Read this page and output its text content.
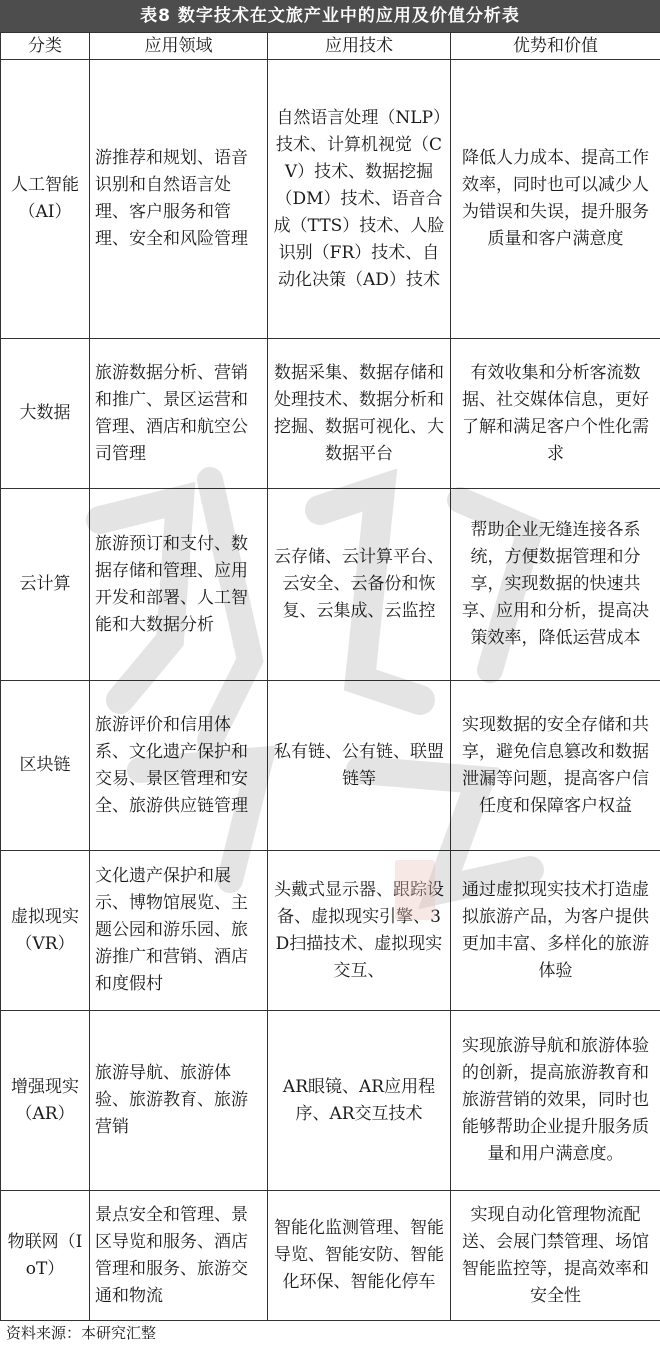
表8 数字技术在文旅产业中的应用及价值分析表
分类	应用领域	应用技术	优势和价值
人工智能（AI）	游推荐和规划、语音识别和自然语言处理、客户服务和管理、安全和风险管理	自然语言处理（NLP）技术、计算机视觉（CV）技术、数据挖掘（DM）技术、语音合成（TTS）技术、人脸识别（FR）技术、自动化决策（AD）技术	降低人力成本、提高工作效率，同时也可以减少人为错误和失误，提升服务质量和客户满意度
大数据	旅游数据分析、营销和推广、景区运营和管理、酒店和航空公司管理	数据采集、数据存储和处理技术、数据分析和挖掘、数据可视化、大数据平台	有效收集和分析客流数据、社交媒体信息，更好了解和满足客户个性化需求
云计算	旅游预订和支付、数据存储和管理、应用开发和部署、人工智能和大数据分析	云存储、云计算平台、云安全、云备份和恢复、云集成、云监控	帮助企业无缝连接各系统，方便数据管理和分享，实现数据的快速共享、应用和分析，提高决策效率，降低运营成本
区块链	旅游评价和信用体系、文化遗产保护和交易、景区管理和安全、旅游供应链管理	私有链、公有链、联盟链等	实现数据的安全存储和共享，避免信息篡改和数据泄漏等问题，提高客户信任度和保障客户权益
虚拟现实（VR）	文化遗产保护和展示、博物馆展览、主题公园和游乐园、旅游推广和营销、酒店和度假村	头戴式显示器、跟踪设备、虚拟现实引擎、3D扫描技术、虚拟现实交互、	通过虚拟现实技术打造虚拟旅游产品，为客户提供更加丰富、多样化的旅游体验
增强现实（AR）	旅游导航、旅游体验、旅游教育、旅游营销	AR眼镜、AR应用程序、AR交互技术	实现旅游导航和旅游体验的创新，提高旅游教育和旅游营销的效果，同时也能够帮助企业提升服务质量和用户满意度。
物联网（IoT）	景点安全和管理、景区导览和服务、酒店管理和服务、旅游交通和物流	智能化监测管理、智能导览、智能安防、智能化环保、智能化停车	实现自动化管理物流配送、会展门禁管理、场馆智能监控等，提高效率和安全性
资料来源：本研究汇整
